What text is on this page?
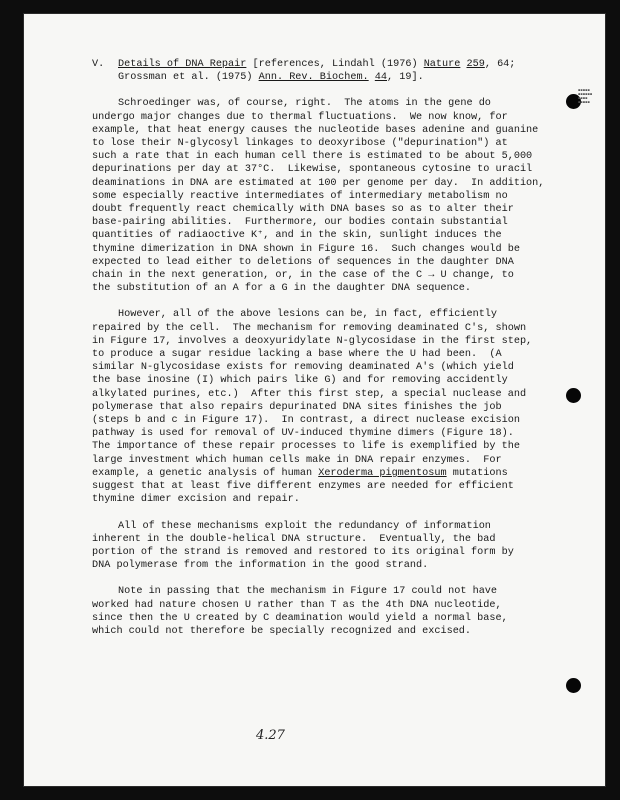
▪▪▪▪▪
▪▪▪▪▪▪
▪▪▪▪
▪▪▪▪▪
V. Details of DNA Repair [references, Lindahl (1976) Nature 259, 64;
Grossman et al. (1975) Ann. Rev. Biochem. 44, 19].
Schroedinger was, of course, right.  The atoms in the gene do
undergo major changes due to thermal fluctuations.  We now know, for
example, that heat energy causes the nucleotide bases adenine and guanine
to lose their N-glycosyl linkages to deoxyribose ("depurination") at
such a rate that in each human cell there is estimated to be about 5,000
depurinations per day at 37°C.  Likewise, spontaneous cytosine to uracil
deaminations in DNA are estimated at 100 per genome per day.  In addition,
some especially reactive intermediates of intermediary metabolism no
doubt frequently react chemically with DNA bases so as to alter their
base-pairing abilities.  Furthermore, our bodies contain substantial
quantities of radiaoctive K⁺, and in the skin, sunlight induces the
thymine dimerization in DNA shown in Figure 16.  Such changes would be
expected to lead either to deletions of sequences in the daughter DNA
chain in the next generation, or, in the case of the C → U change, to
the substitution of an A for a G in the daughter DNA sequence.
However, all of the above lesions can be, in fact, efficiently
repaired by the cell.  The mechanism for removing deaminated C's, shown
in Figure 17, involves a deoxyuridylate N-glycosidase in the first step,
to produce a sugar residue lacking a base where the U had been.  (A
similar N-glycosidase exists for removing deaminated A's (which yield
the base inosine (I) which pairs like G) and for removing accidently
alkylated purines, etc.)  After this first step, a special nuclease and
polymerase that also repairs depurinated DNA sites finishes the job
(steps b and c in Figure 17).  In contrast, a direct nuclease excision
pathway is used for removal of UV-induced thymine dimers (Figure 18).
The importance of these repair processes to life is exemplified by the
large investment which human cells make in DNA repair enzymes.  For
example, a genetic analysis of human Xeroderma pigmentosum mutations
suggest that at least five different enzymes are needed for efficient
thymine dimer excision and repair.
All of these mechanisms exploit the redundancy of information
inherent in the double-helical DNA structure.  Eventually, the bad
portion of the strand is removed and restored to its original form by
DNA polymerase from the information in the good strand.
Note in passing that the mechanism in Figure 17 could not have
worked had nature chosen U rather than T as the 4th DNA nucleotide,
since then the U created by C deamination would yield a normal base,
which could not therefore be specially recognized and excised.
4.27
